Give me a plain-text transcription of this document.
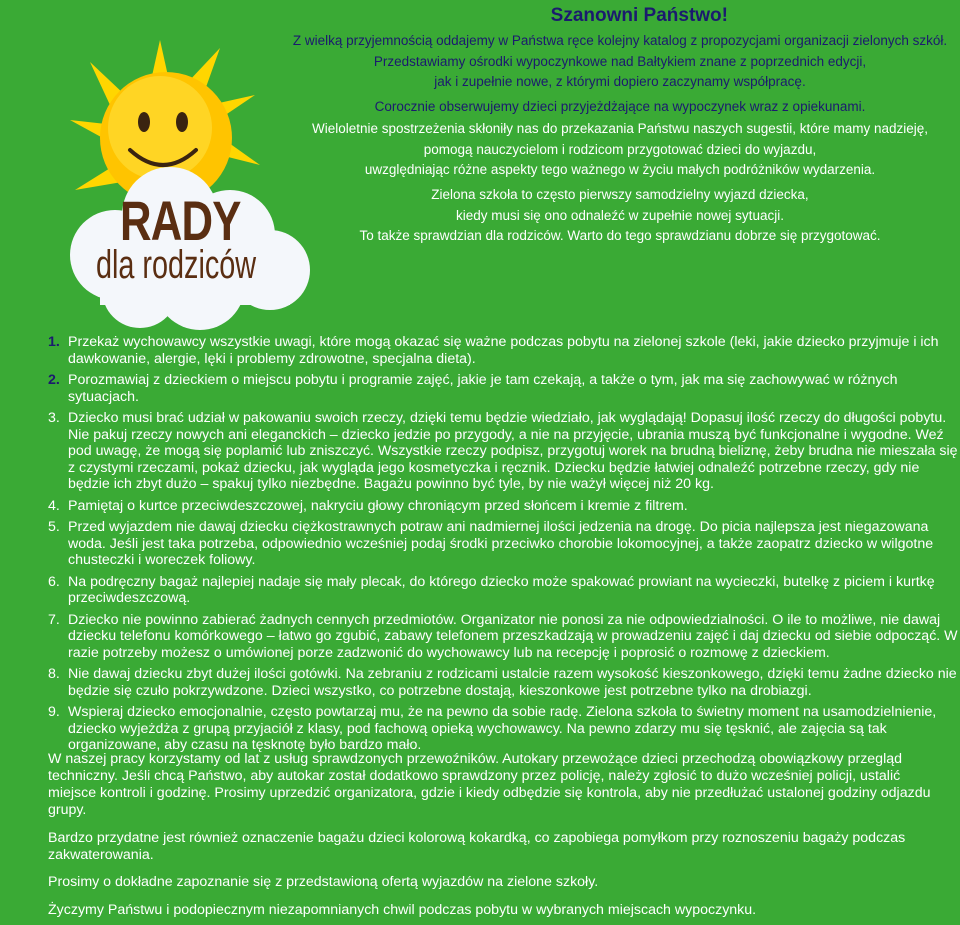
Szanowni Państwo!
Z wielką przyjemnością oddajemy w Państwa ręce kolejny katalog z propozycjami organizacji zielonych szkół.
Przedstawiamy ośrodki wypoczynkowe nad Bałtykiem znane z poprzednich edycji,
jak i zupełnie nowe, z którymi dopiero zaczynamy współpracę.
Corocznie obserwujemy dzieci przyjeżdżające na wypoczynek wraz z opiekunami.
Wieloletnie spostrzeżenia skłoniły nas do przekazania Państwu naszych sugestii, które mamy nadzieję,
pomogą nauczycielom i rodzicom przygotować dzieci do wyjazdu,
uwzględniając różne aspekty tego ważnego w życiu małych podróżników wydarzenia.
Zielona szkoła to często pierwszy samodzielny wyjazd dziecka,
kiedy musi się ono odnaleźć w zupełnie nowej sytuacji.
To także sprawdzian dla rodziców. Warto do tego sprawdzianu dobrze się przygotować.
RADY
dla rodziców
1. Przekaż wychowawcy wszystkie uwagi, które mogą okazać się ważne podczas pobytu na zielonej szkole (leki, jakie dziecko przyjmuje i ich dawkowanie, alergie, lęki i problemy zdrowotne, specjalna dieta).
2. Porozmawiaj z dzieckiem o miejscu pobytu i programie zajęć, jakie je tam czekają, a także o tym, jak ma się zachowywać w różnych sytuacjach.
3. Dziecko musi brać udział w pakowaniu swoich rzeczy, dzięki temu będzie wiedziało, jak wyglądają! Dopasuj ilość rzeczy do długości pobytu. Nie pakuj rzeczy nowych ani eleganckich – dziecko jedzie po przygody, a nie na przyjęcie, ubrania muszą być funkcjonalne i wygodne. Weź pod uwagę, że mogą się poplamić lub zniszczyć. Wszystkie rzeczy podpisz, przygotuj worek na brudną bieliznę, żeby brudna nie mieszała się z czystymi rzeczami, pokaż dziecku, jak wygląda jego kosmetyczka i ręcznik. Dziecku będzie łatwiej odnaleźć potrzebne rzeczy, gdy nie będzie ich zbyt dużo – spakuj tylko niezbędne. Bagażu powinno być tyle, by nie ważył więcej niż 20 kg.
4. Pamiętaj o kurtce przeciwdeszczowej, nakryciu głowy chroniącym przed słońcem i kremie z filtrem.
5. Przed wyjazdem nie dawaj dziecku ciężkostrawnych potraw ani nadmiernej ilości jedzenia na drogę. Do picia najlepsza jest niegazowana woda. Jeśli jest taka potrzeba, odpowiednio wcześniej podaj środki przeciwko chorobie lokomocyjnej, a także zaopatrz dziecko w wilgotne chusteczki i woreczek foliowy.
6. Na podręczny bagaż najlepiej nadaje się mały plecak, do którego dziecko może spakować prowiant na wycieczki, butelkę z piciem i kurtkę przeciwdeszczową.
7. Dziecko nie powinno zabierać żadnych cennych przedmiotów. Organizator nie ponosi za nie odpowiedzialności. O ile to możliwe, nie dawaj dziecku telefonu komórkowego – łatwo go zgubić, zabawy telefonem przeszkadzają w prowadzeniu zajęć i daj dziecku od siebie odpocząć. W razie potrzeby możesz o umówionej porze zadzwonić do wychowawcy lub na recepcję i poprosić o rozmowę z dzieckiem.
8. Nie dawaj dziecku zbyt dużej ilości gotówki. Na zebraniu z rodzicami ustalcie razem wysokość kieszonkowego, dzięki temu żadne dziecko nie będzie się czuło pokrzywdzone. Dzieci wszystko, co potrzebne dostają, kieszonkowe jest potrzebne tylko na drobiazgi.
9. Wspieraj dziecko emocjonalnie, często powtarzaj mu, że na pewno da sobie radę. Zielona szkoła to świetny moment na usamodzielnienie, dziecko wyjeżdża z grupą przyjaciół z klasy, pod fachową opieką wychowawcy. Na pewno zdarzy mu się tęsknić, ale zajęcia są tak organizowane, aby czasu na tęsknotę było bardzo mało.
W naszej pracy korzystamy od lat z usług sprawdzonych przewoźników. Autokary przewożące dzieci przechodzą obowiązkowy przegląd techniczny. Jeśli chcą Państwo, aby autokar został dodatkowo sprawdzony przez policję, należy zgłosić to dużo wcześniej policji, ustalić miejsce kontroli i godzinę. Prosimy uprzedzić organizatora, gdzie i kiedy odbędzie się kontrola, aby nie przedłużać ustalonej godziny odjazdu grupy.
Bardzo przydatne jest również oznaczenie bagażu dzieci kolorową kokardką, co zapobiega pomyłkom przy roznoszeniu bagaży podczas zakwaterowania.
Prosimy o dokładne zapoznanie się z przedstawioną ofertą wyjazdów na zielone szkoły.
Życzymy Państwu i podopiecznym niezapomnianych chwil podczas pobytu w wybranych miejscach wypoczynku.
